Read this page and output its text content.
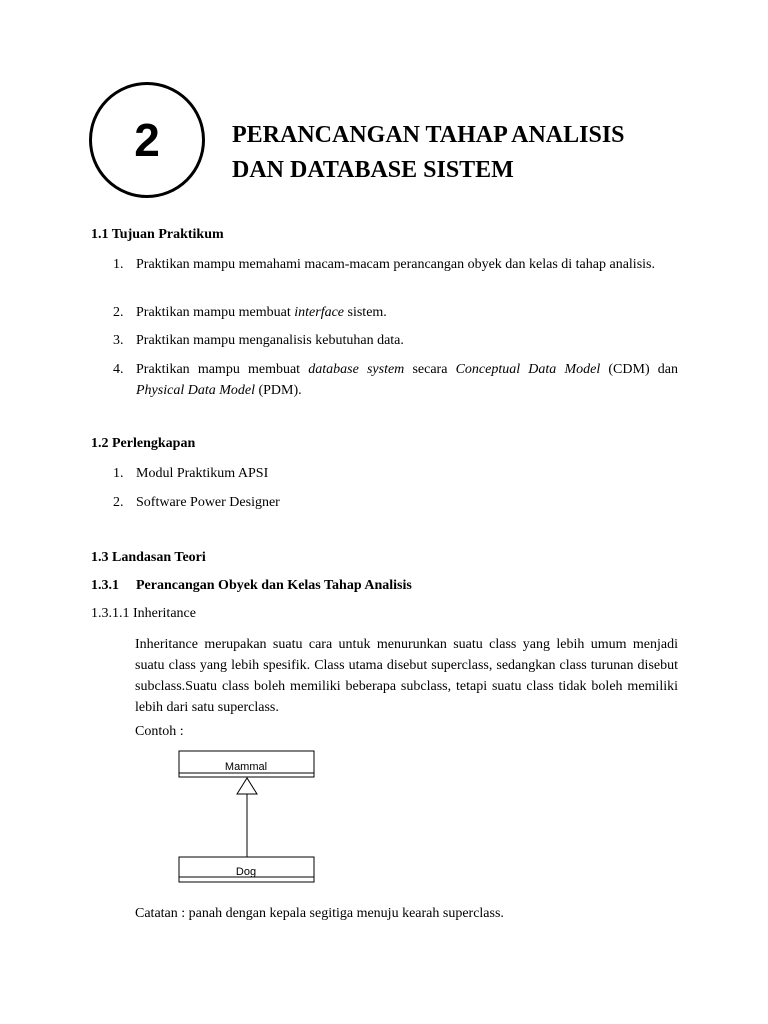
2	PERANCANGAN TAHAP ANALISIS
DAN DATABASE SISTEM
1.1 Tujuan Praktikum
1. Praktikan mampu memahami macam-macam perancangan obyek dan kelas di tahap analisis.
2. Praktikan mampu membuat interface sistem.
3. Praktikan mampu menganalisis kebutuhan data.
4. Praktikan mampu membuat database system secara Conceptual Data Model (CDM) dan Physical Data Model (PDM).
1.2 Perlengkapan
1. Modul Praktikum APSI
2. Software Power Designer
1.3 Landasan Teori
1.3.1 Perancangan Obyek dan Kelas Tahap Analisis
1.3.1.1 Inheritance
Inheritance merupakan suatu cara untuk menurunkan suatu class yang lebih umum menjadi suatu class yang lebih spesifik. Class utama disebut superclass, sedangkan class turunan disebut subclass.Suatu class boleh memiliki beberapa subclass, tetapi suatu class tidak boleh memiliki lebih dari satu superclass.
Contoh :
Mammal
Dog
Catatan : panah dengan kepala segitiga menuju kearah superclass.
